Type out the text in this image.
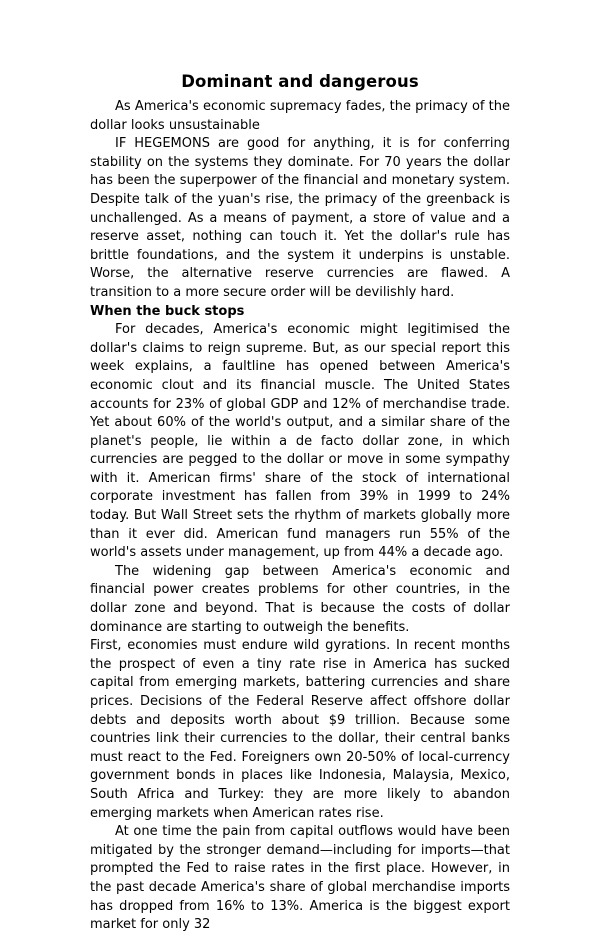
Dominant and dangerous

As America's economic supremacy fades, the primacy of the dollar looks unsustainable

IF HEGEMONS are good for anything, it is for conferring stability on the systems they dominate. For 70 years the dollar has been the superpower of the financial and monetary system. Despite talk of the yuan's rise, the primacy of the greenback is unchallenged. As a means of payment, a store of value and a reserve asset, nothing can touch it. Yet the dollar's rule has brittle foundations, and the system it underpins is unstable. Worse, the alternative reserve currencies are flawed. A transition to a more secure order will be devilishly hard.

When the buck stops

For decades, America's economic might legitimised the dollar's claims to reign supreme. But, as our special report this week explains, a faultline has opened between America's economic clout and its financial muscle. The United States accounts for 23% of global GDP and 12% of merchandise trade. Yet about 60% of the world's output, and a similar share of the planet's people, lie within a de facto dollar zone, in which currencies are pegged to the dollar or move in some sympathy with it. American firms' share of the stock of international corporate investment has fallen from 39% in 1999 to 24% today. But Wall Street sets the rhythm of markets globally more than it ever did. American fund managers run 55% of the world's assets under management, up from 44% a decade ago.

The widening gap between America's economic and financial power creates problems for other countries, in the dollar zone and beyond. That is because the costs of dollar dominance are starting to outweigh the benefits.

First, economies must endure wild gyrations. In recent months the prospect of even a tiny rate rise in America has sucked capital from emerging markets, battering currencies and share prices. Decisions of the Federal Reserve affect offshore dollar debts and deposits worth about $9 trillion. Because some countries link their currencies to the dollar, their central banks must react to the Fed. Foreigners own 20-50% of local-currency government bonds in places like Indonesia, Malaysia, Mexico, South Africa and Turkey: they are more likely to abandon emerging markets when American rates rise.

At one time the pain from capital outflows would have been mitigated by the stronger demand—including for imports—that prompted the Fed to raise rates in the first place. However, in the past decade America's share of global merchandise imports has dropped from 16% to 13%. America is the biggest export market for only 32
